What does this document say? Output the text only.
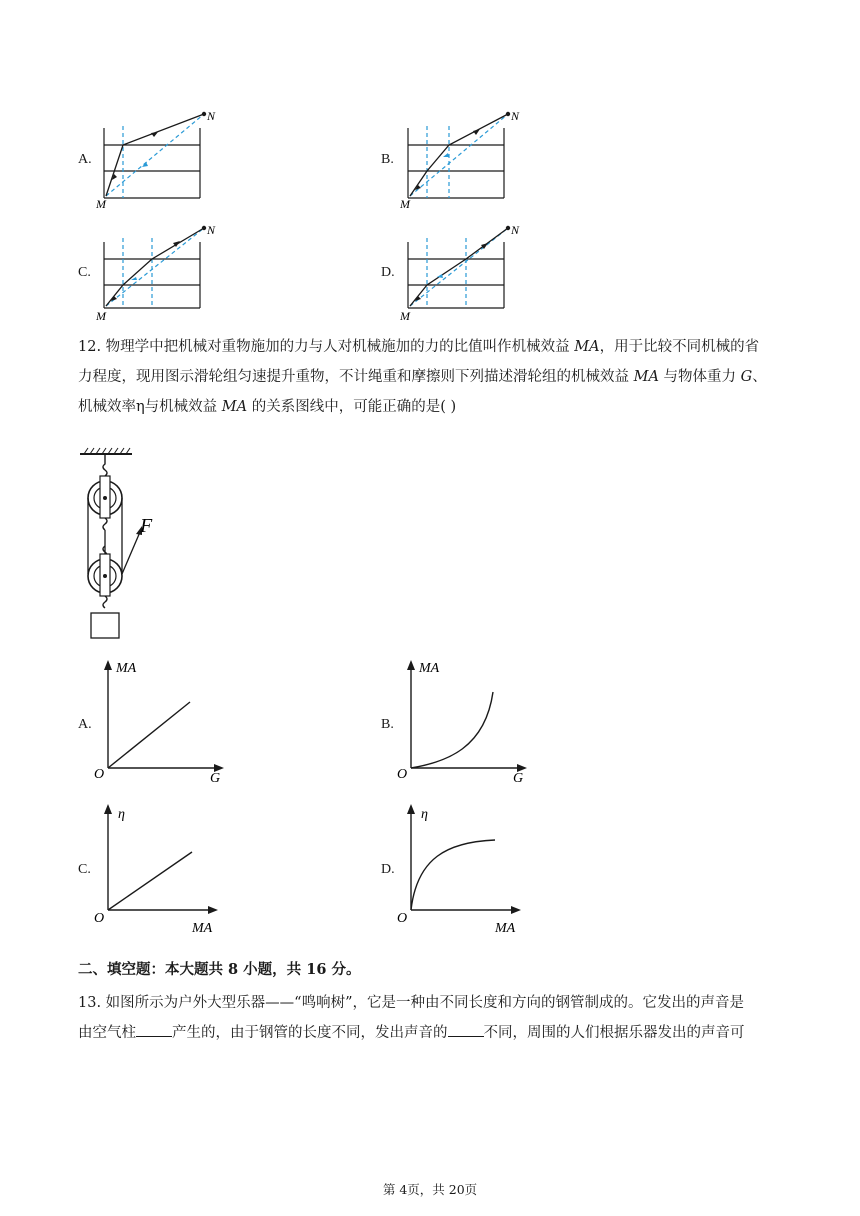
A.
N
M
B.
N
M
C.
N
M
D.
N
M
12. 物理学中把机械对重物施加的力与人对机械施加的力的比值叫作机械效益 MA，用于比较不同机械的省
力程度，现用图示滑轮组匀速提升重物，不计绳重和摩擦则下列描述滑轮组的机械效益 MA 与物体重力 G、
机械效率η与机械效益 MA 的关系图线中，可能正确的是( )
F
A.
MA
G
O
B.
MA
G
O
C.
η
MA
O
D.
η
MA
O
二、填空题：本大题共 8 小题，共 16 分。
13. 如图所示为户外大型乐器——“鸣响树”，它是一种由不同长度和方向的钢管制成的。它发出的声音是
由空气柱 产生的，由于钢管的长度不同，发出声音的 不同，周围的人们根据乐器发出的声音可
第 4页，共 20页
